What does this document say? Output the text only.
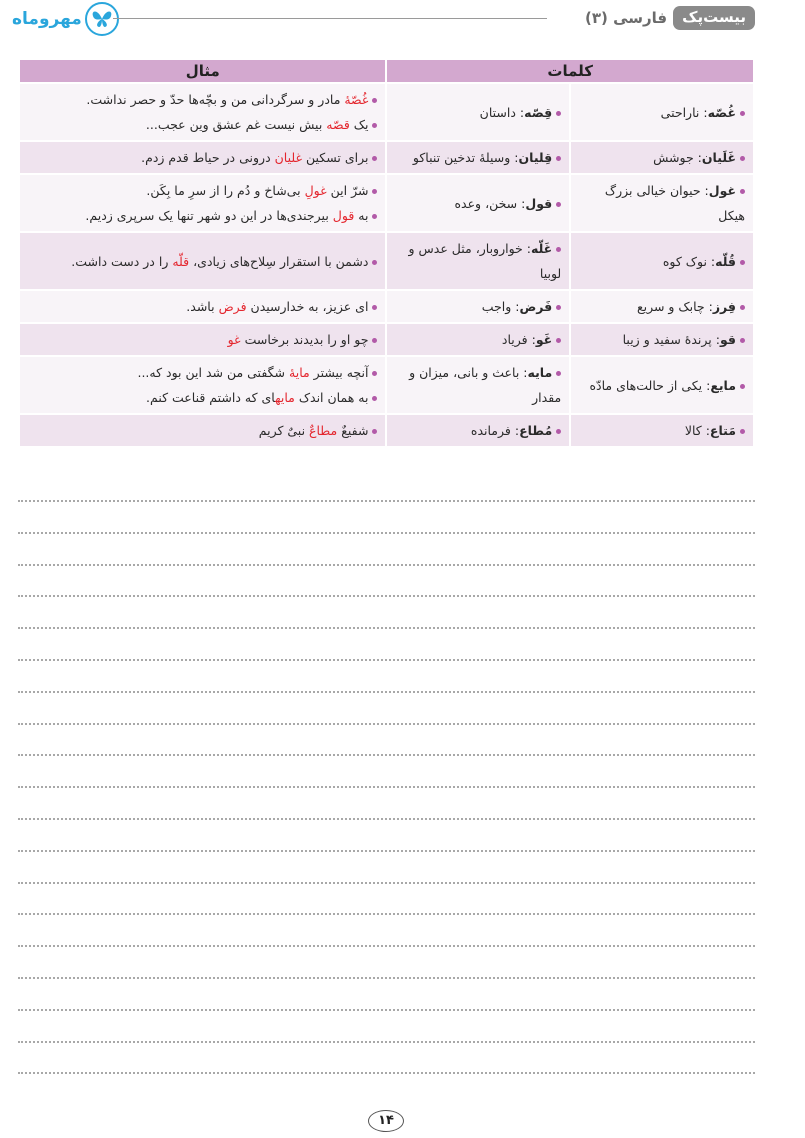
مهروماه	بیست‌پک
فارسی (۳)
کلمات		مثال
غُصّه: ناراحتی	قِصّه: داستان	غُصّهٔ مادر و سرگردانی من و بچّه‌ها حدّ و حصر نداشت.
یک قصّه بیش نیست غم عشق وین عجب...

غَلَیان: جوشش	قِلیان: وسیلهٔ تدخین تنباکو	برای تسکین غلیان درونی در حیاط قدم زدم.

غول: حیوان خیالی بزرگ هیکل	قول: سخن، وعده	شرّ این غولِ بی‌شاخ و دُم را از سرِ ما بِکَن.
به قول بیرجندی‌ها در این دو شهر تنها یک سرپری زدیم.

قُلّه: نوک کوه	غَلّه: خواروبار، مثل عدس و لوبیا	دشمن با استقرار سِلاح‌های زیادی، قلّه را در دست داشت.

فِرز: چابک و سریع	فَرض: واجب	ای عزیز، به خدارسیدن فرض باشد.

قو: پرندهٔ سفید و زیبا	غَو: فریاد	چو او را بدیدند برخاست غو

مایع: یکی از حالت‌های مادّه	مایه: باعث و بانی، میزان و مقدار	آنچه بیشتر مایهٔ شگفتی من شد این بود که...
به همان اندک مایهای که داشتم قناعت کنم.

مَتاع: کالا	مُطاع: فرمانده	شفیعٌ مطاعٌ نبیٌ کریم
۱۴
